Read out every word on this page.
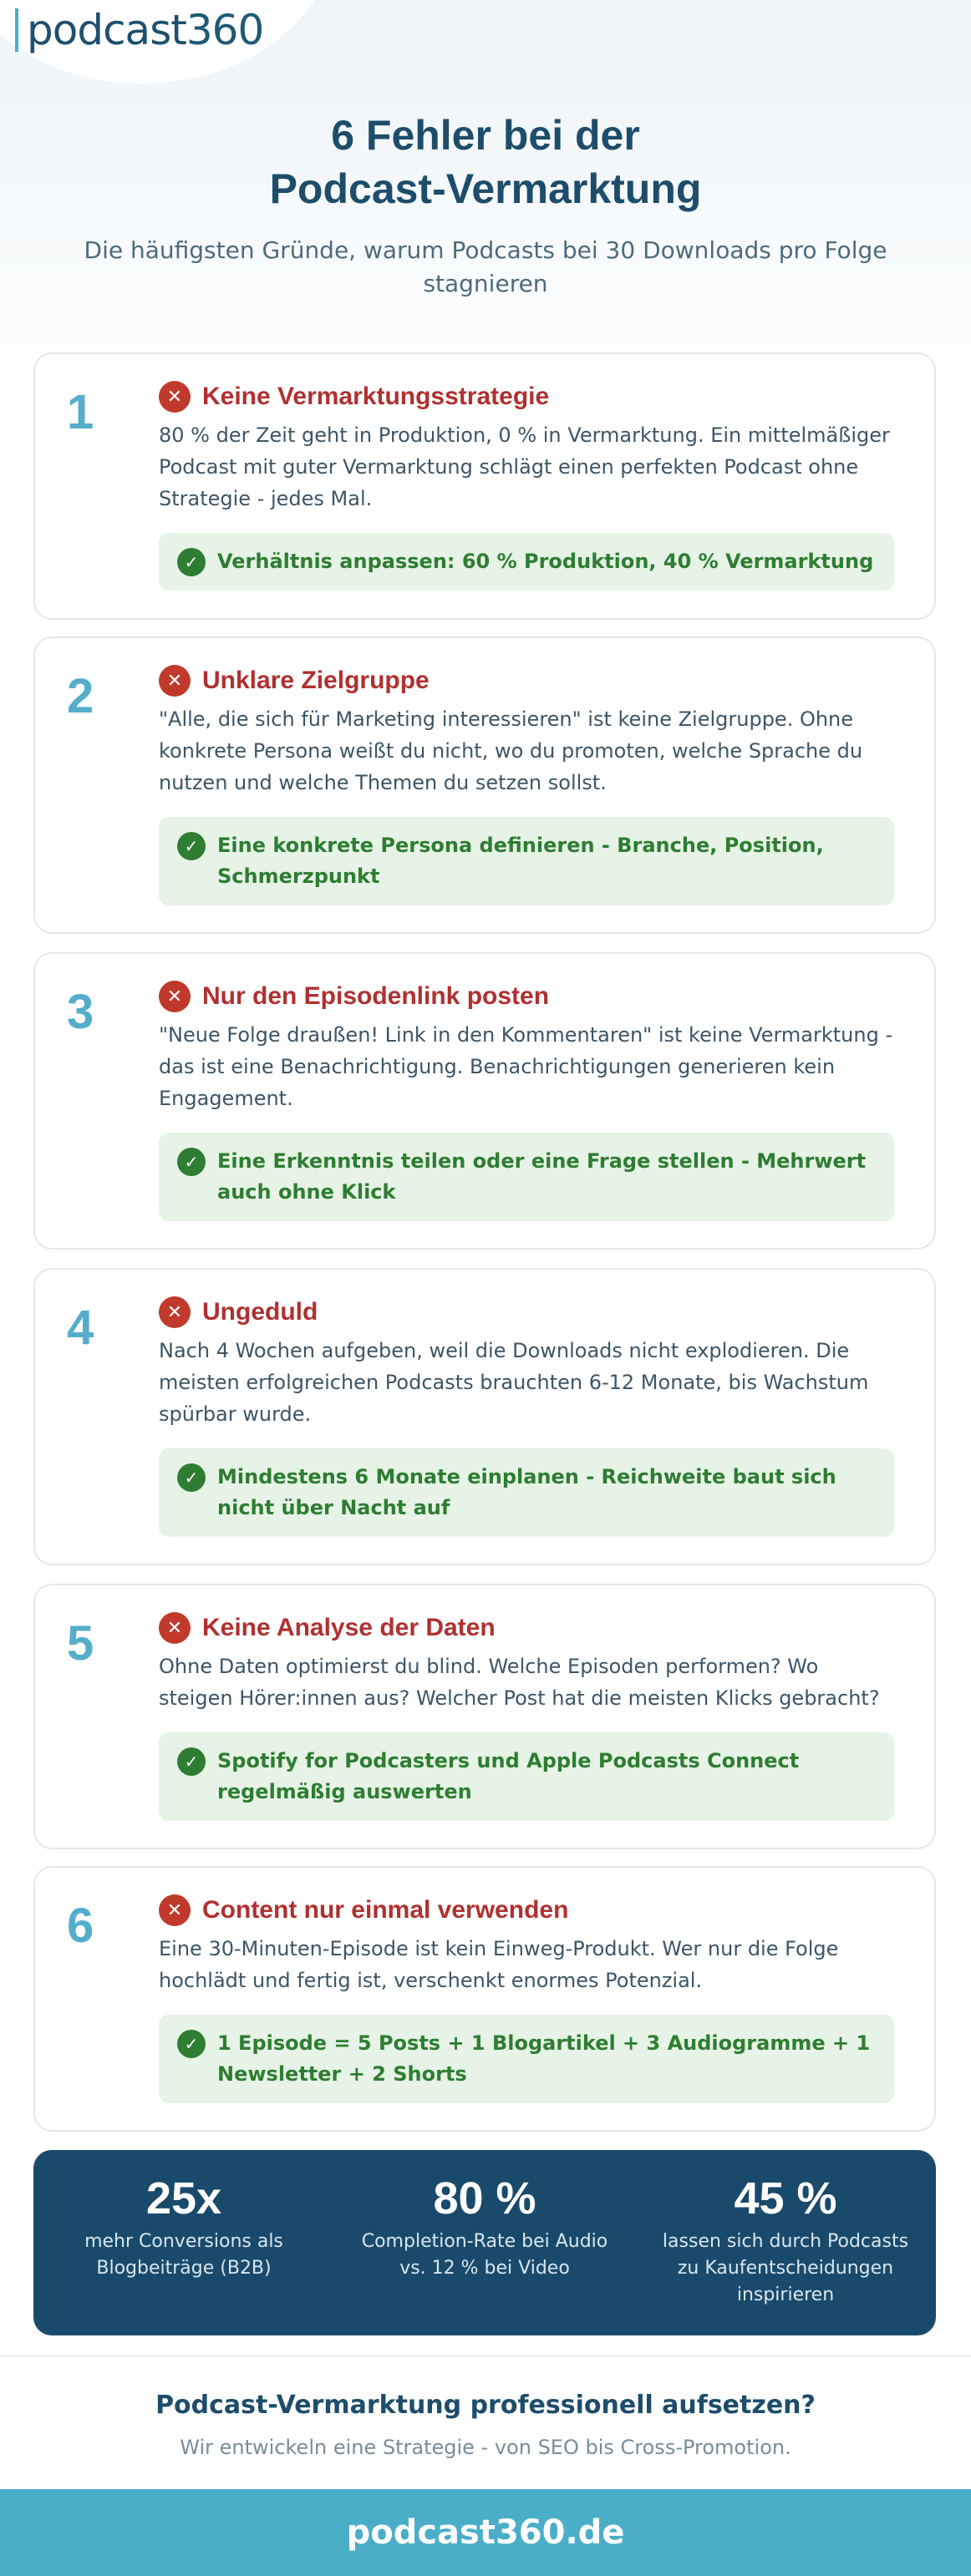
podcast 360
6 Fehler bei der
Podcast-Vermarktung
Die häufigsten Gründe, warum Podcasts bei 30 Downloads pro Folge stagnieren
1	✕ Keine Vermarktungsstrategie
80 % der Zeit geht in Produktion, 0 % in Vermarktung. Ein mittelmäßiger Podcast mit guter Vermarktung schlägt einen perfekten Podcast ohne Strategie - jedes Mal.
✓ Verhältnis anpassen: 60 % Produktion, 40 % Vermarktung
2	✕ Unklare Zielgruppe
"Alle, die sich für Marketing interessieren" ist keine Zielgruppe. Ohne konkrete Persona weißt du nicht, wo du promoten, welche Sprache du nutzen und welche Themen du setzen sollst.
✓ Eine konkrete Persona definieren - Branche, Position, Schmerzpunkt
3	✕ Nur den Episodenlink posten
"Neue Folge draußen! Link in den Kommentaren" ist keine Vermarktung - das ist eine Benachrichtigung. Benachrichtigungen generieren kein Engagement.
✓ Eine Erkenntnis teilen oder eine Frage stellen - Mehrwert auch ohne Klick
4	✕ Ungeduld
Nach 4 Wochen aufgeben, weil die Downloads nicht explodieren. Die meisten erfolgreichen Podcasts brauchten 6-12 Monate, bis Wachstum spürbar wurde.
✓ Mindestens 6 Monate einplanen - Reichweite baut sich nicht über Nacht auf
5	✕ Keine Analyse der Daten
Ohne Daten optimierst du blind. Welche Episoden performen? Wo steigen Hörer:innen aus? Welcher Post hat die meisten Klicks gebracht?
✓ Spotify for Podcasters und Apple Podcasts Connect regelmäßig auswerten
6	✕ Content nur einmal verwenden
Eine 30-Minuten-Episode ist kein Einweg-Produkt. Wer nur die Folge hochlädt und fertig ist, verschenkt enormes Potenzial.
✓ 1 Episode = 5 Posts + 1 Blogartikel + 3 Audiogramme + 1 Newsletter + 2 Shorts
25x
mehr Conversions als Blogbeiträge (B2B)
80 %
Completion-Rate bei Audio vs. 12 % bei Video
45 %
lassen sich durch Podcasts zu Kaufentscheidungen inspirieren
Podcast-Vermarktung professionell aufsetzen?
Wir entwickeln eine Strategie - von SEO bis Cross-Promotion.
podcast360.de
